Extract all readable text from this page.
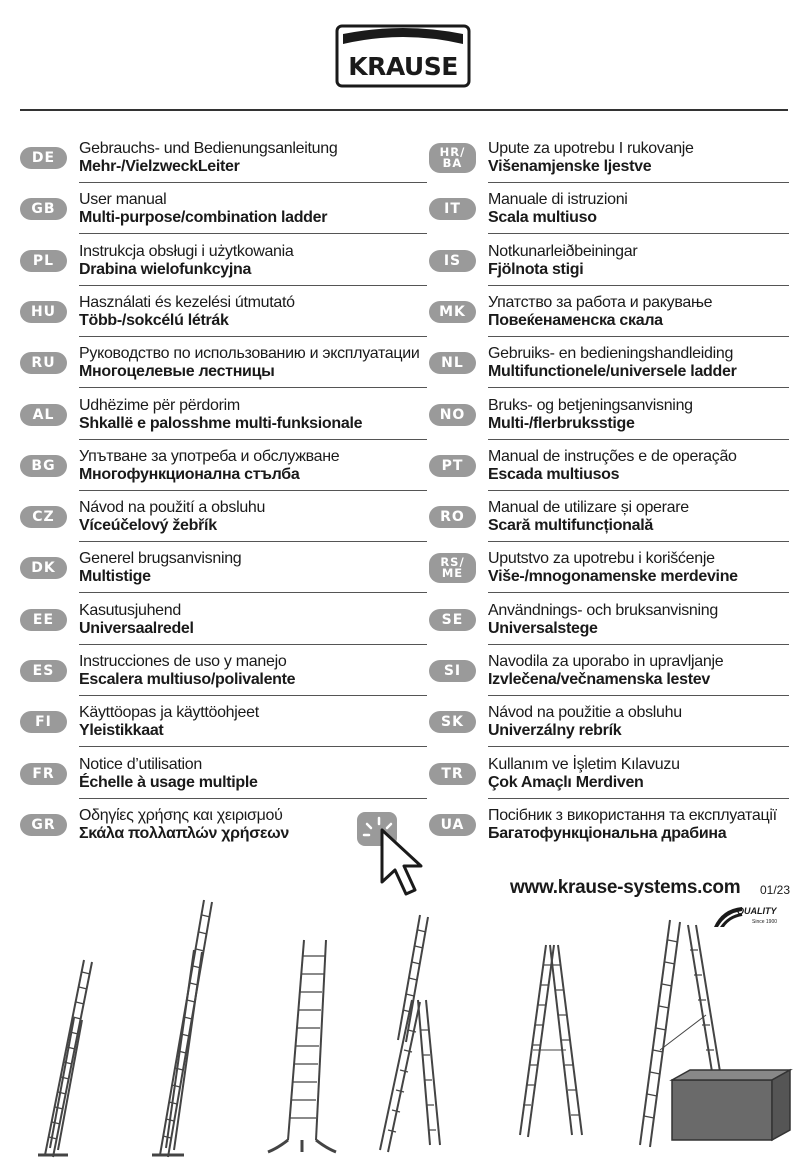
KRAUSE
DE
Gebrauchs- und Bedienungsanleitung
Mehr-/VielzweckLeiter
GB
User manual
Multi-purpose/combination ladder
PL
Instrukcja obsługi i użytkowania
Drabina wielofunkcyjna
HU
Használati és kezelési útmutató
Több-/sokcélú létrák
RU
Руководство по использованию и эксплуатации
Многоцелевые лестницы
AL
Udhëzime për përdorim
Shkallë e palosshme multi-funksionale
BG
Упътване за употреба и обслужване
Многофункционална стълба
CZ
Návod na použití a obsluhu
Víceúčelový žebřík
DK
Generel brugsanvisning
Multistige
EE
Kasutusjuhend
Universaalredel
ES
Instrucciones de uso y manejo
Escalera multiuso/polivalente
FI
Käyttöopas ja käyttöohjeet
Yleistikkaat
FR
Notice d’utilisation
Échelle à usage multiple
GR
Οδηγίες χρήσης και χειρισμού
Σκάλα πολλαπλών χρήσεων
HR/
BA
Upute za upotrebu I rukovanje
Višenamjenske ljestve
IT
Manuale di istruzioni
Scala multiuso
IS
Notkunarleiðbeiningar
Fjölnota stigi
MK
Упатство за работа и ракување
Повеќенаменска скала
NL
Gebruiks- en bedieningshandleiding
Multifunctionele/universele ladder
NO
Bruks- og betjeningsanvisning
Multi-/flerbruksstige
PT
Manual de instruções e de operação
Escada multiusos
RO
Manual de utilizare și operare
Scară multifuncțională
RS/
ME
Uputstvo za upotrebu i korišćenje
Više-/mnogonamenske merdevine
SE
Användnings- och bruksanvisning
Universalstege
SI
Navodila za uporabo in upravljanje
Izvlečena/večnamenska lestev
SK
Návod na použitie a obsluhu
Univerzálny rebrík
TR
Kullanım ve İşletim Kılavuzu
Çok Amaçlı Merdiven
UA
Посібник з використання та експлуатації
Багатофункціональна драбина
www.krause-systems.com 01/23
QUALITY
Since 1900
